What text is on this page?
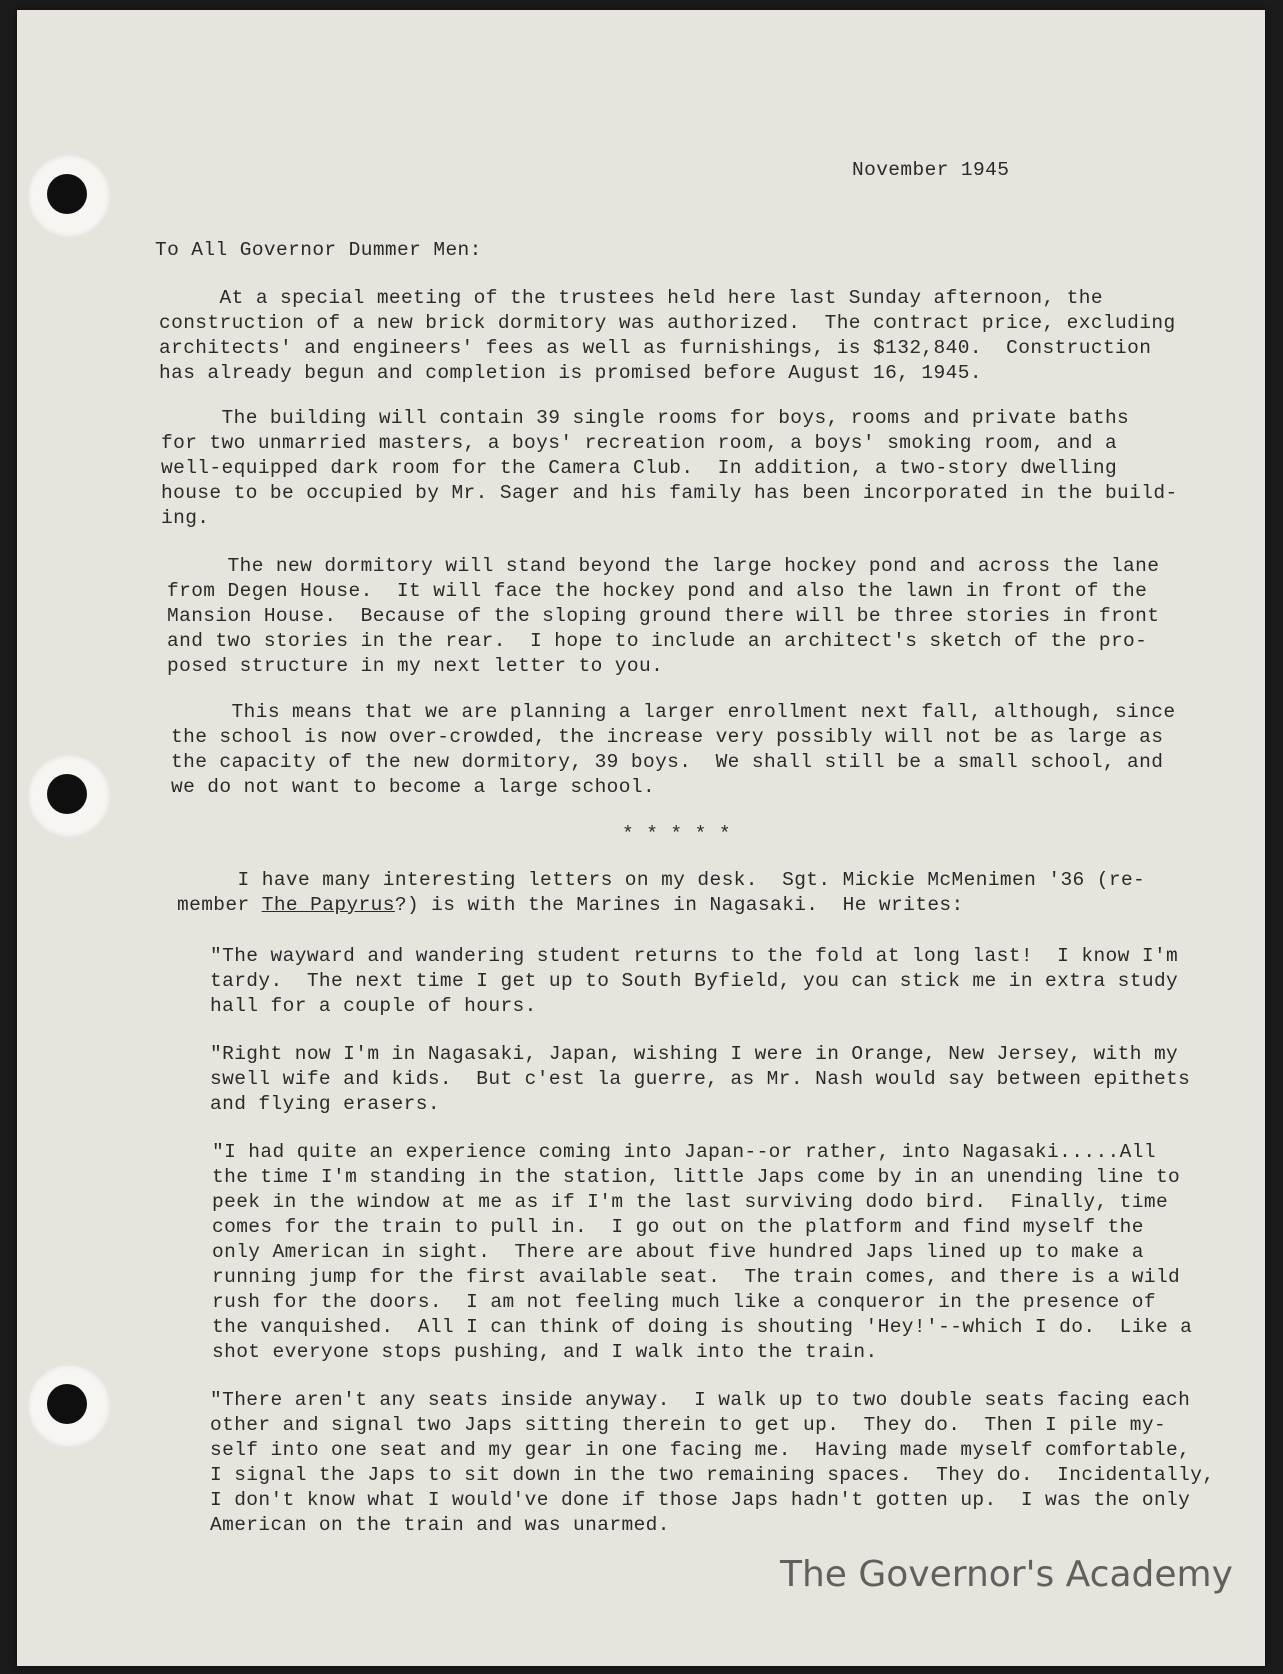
November 1945
To All Governor Dummer Men:
At a special meeting of the trustees held here last Sunday afternoon, the
construction of a new brick dormitory was authorized.  The contract price, excluding
architects' and engineers' fees as well as furnishings, is $132,840.  Construction
has already begun and completion is promised before August 16, 1945.
The building will contain 39 single rooms for boys, rooms and private baths
for two unmarried masters, a boys' recreation room, a boys' smoking room, and a
well-equipped dark room for the Camera Club.  In addition, a two-story dwelling
house to be occupied by Mr. Sager and his family has been incorporated in the build-
ing.
The new dormitory will stand beyond the large hockey pond and across the lane
from Degen House.  It will face the hockey pond and also the lawn in front of the
Mansion House.  Because of the sloping ground there will be three stories in front
and two stories in the rear.  I hope to include an architect's sketch of the pro-
posed structure in my next letter to you.
This means that we are planning a larger enrollment next fall, although, since
the school is now over-crowded, the increase very possibly will not be as large as
the capacity of the new dormitory, 39 boys.  We shall still be a small school, and
we do not want to become a large school.
* * * * *
I have many interesting letters on my desk.  Sgt. Mickie McMenimen '36 (re-
member The Papyrus?) is with the Marines in Nagasaki.  He writes:
"The wayward and wandering student returns to the fold at long last!  I know I'm
tardy.  The next time I get up to South Byfield, you can stick me in extra study
hall for a couple of hours.
"Right now I'm in Nagasaki, Japan, wishing I were in Orange, New Jersey, with my
swell wife and kids.  But c'est la guerre, as Mr. Nash would say between epithets
and flying erasers.
"I had quite an experience coming into Japan--or rather, into Nagasaki.....All
the time I'm standing in the station, little Japs come by in an unending line to
peek in the window at me as if I'm the last surviving dodo bird.  Finally, time
comes for the train to pull in.  I go out on the platform and find myself the
only American in sight.  There are about five hundred Japs lined up to make a
running jump for the first available seat.  The train comes, and there is a wild
rush for the doors.  I am not feeling much like a conqueror in the presence of
the vanquished.  All I can think of doing is shouting 'Hey!'--which I do.  Like a
shot everyone stops pushing, and I walk into the train.
"There aren't any seats inside anyway.  I walk up to two double seats facing each
other and signal two Japs sitting therein to get up.  They do.  Then I pile my-
self into one seat and my gear in one facing me.  Having made myself comfortable,
I signal the Japs to sit down in the two remaining spaces.  They do.  Incidentally,
I don't know what I would've done if those Japs hadn't gotten up.  I was the only
American on the train and was unarmed.
The Governor's Academy
